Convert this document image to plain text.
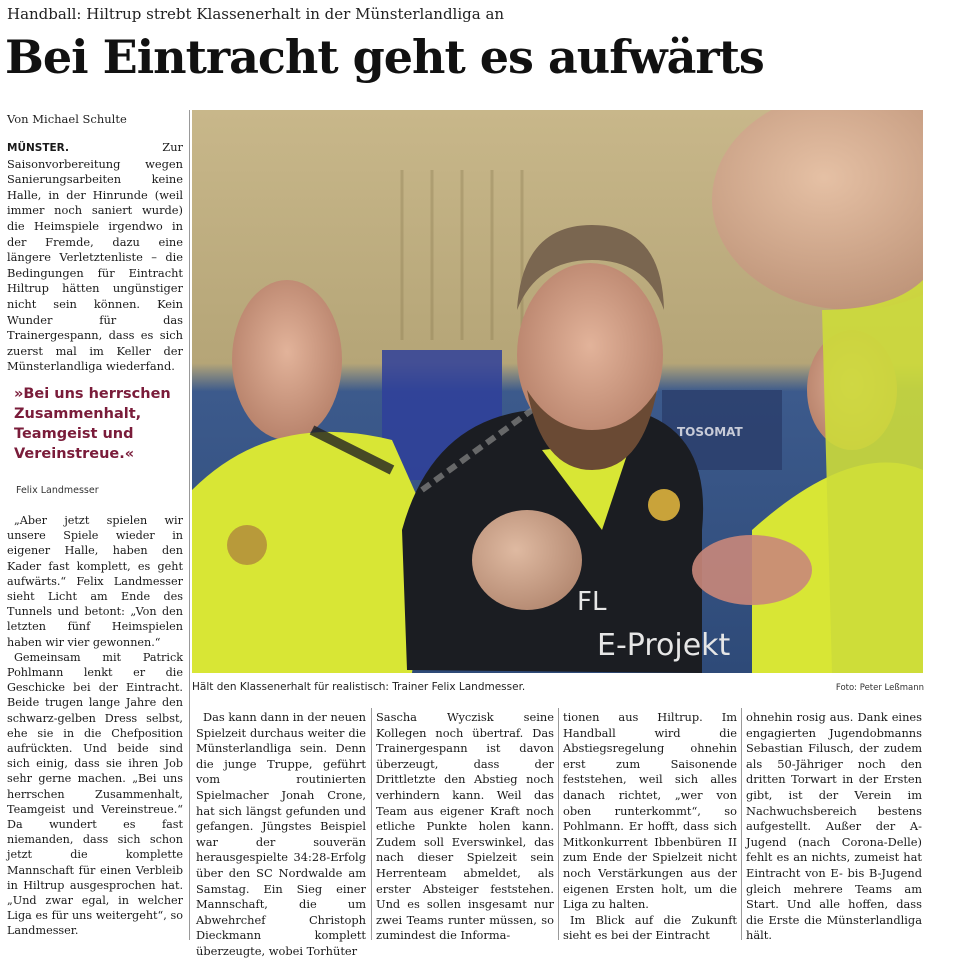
Handball: Hiltrup strebt Klassenerhalt in der Münsterlandliga an
Bei Eintracht geht es aufwärts
Von Michael Schulte

MÜNSTER.	Zur Saisonvorbereitung wegen Sanierungsarbeiten keine Halle, in der Hinrunde (weil immer noch saniert wurde) die Heimspiele irgendwo in der Fremde, dazu eine längere Verletztenliste – die Bedingungen für Eintracht Hiltrup hätten ungünstiger nicht sein können. Kein Wunder für das Trainergespann, dass es sich zuerst mal im Keller der Münsterlandliga wiederfand.

»Bei uns herrschen Zusammenhalt, Teamgeist und Vereinstreue.«
Felix Landmesser

„Aber jetzt spielen wir unsere Spiele wieder in eigener Halle, haben den Kader fast komplett, es geht aufwärts.“ Felix Landmesser sieht Licht am Ende des Tunnels und betont: „Von den letzten fünf Heimspielen haben wir vier gewonnen.“

Gemeinsam mit Patrick Pohlmann lenkt er die Geschicke bei der Eintracht. Beide trugen lange Jahre den schwarz-gelben Dress selbst, ehe sie in die Chefposition aufrückten. Und beide sind sich einig, dass sie ihren Job sehr gerne machen. „Bei uns herrschen Zusammenhalt, Teamgeist und Vereinstreue.“ Da wundert es fast niemanden, dass sich schon jetzt die komplette Mannschaft für einen Verbleib in Hiltrup ausgesprochen hat. „Und zwar egal, in welcher Liga es für uns weitergeht“, so Landmesser.

TOSOMAT
FL
E-Projekt
Hält den Klassenerhalt für realistisch: Trainer Felix Landmesser.	Foto: Peter Leßmann

Das kann dann in der neuen Spielzeit durchaus weiter die Münsterlandliga sein. Denn die junge Truppe, geführt vom routinierten Spielmacher Jonah Crone, hat sich längst gefunden und gefangen. Jüngstes Beispiel war der souverän herausgespielte 34:28-Erfolg über den SC Nordwalde am Samstag. Ein Sieg einer Mannschaft, die um Abwehrchef Christoph Dieckmann komplett überzeugte, wobei Torhüter

Sascha Wyczisk seine Kollegen noch übertraf. Das Trainergespann ist davon überzeugt, dass der Drittletzte den Abstieg noch verhindern kann. Weil das Team aus eigener Kraft noch etliche Punkte holen kann. Zudem soll Everswinkel, das nach dieser Spielzeit sein Herrenteam abmeldet, als erster Absteiger feststehen. Und es sollen insgesamt nur zwei Teams runter müssen, so zumindest die Informa-

tionen aus Hiltrup. Im Handball wird die Abstiegsregelung ohnehin erst zum Saisonende feststehen, weil sich alles danach richtet, „wer von oben runterkommt“, so Pohlmann. Er hofft, dass sich Mitkonkurrent Ibbenbüren II zum Ende der Spielzeit nicht noch Verstärkungen aus der eigenen Ersten holt, um die Liga zu halten.

Im Blick auf die Zukunft sieht es bei der Eintracht

ohnehin rosig aus. Dank eines engagierten Jugendobmanns Sebastian Filusch, der zudem als 50-Jähriger noch den dritten Torwart in der Ersten gibt, ist der Verein im Nachwuchsbereich bestens aufgestellt. Außer der A-Jugend (nach Corona-Delle) fehlt es an nichts, zumeist hat Eintracht von E- bis B-Jugend gleich mehrere Teams am Start. Und alle hoffen, dass die Erste die Münsterlandliga hält.
